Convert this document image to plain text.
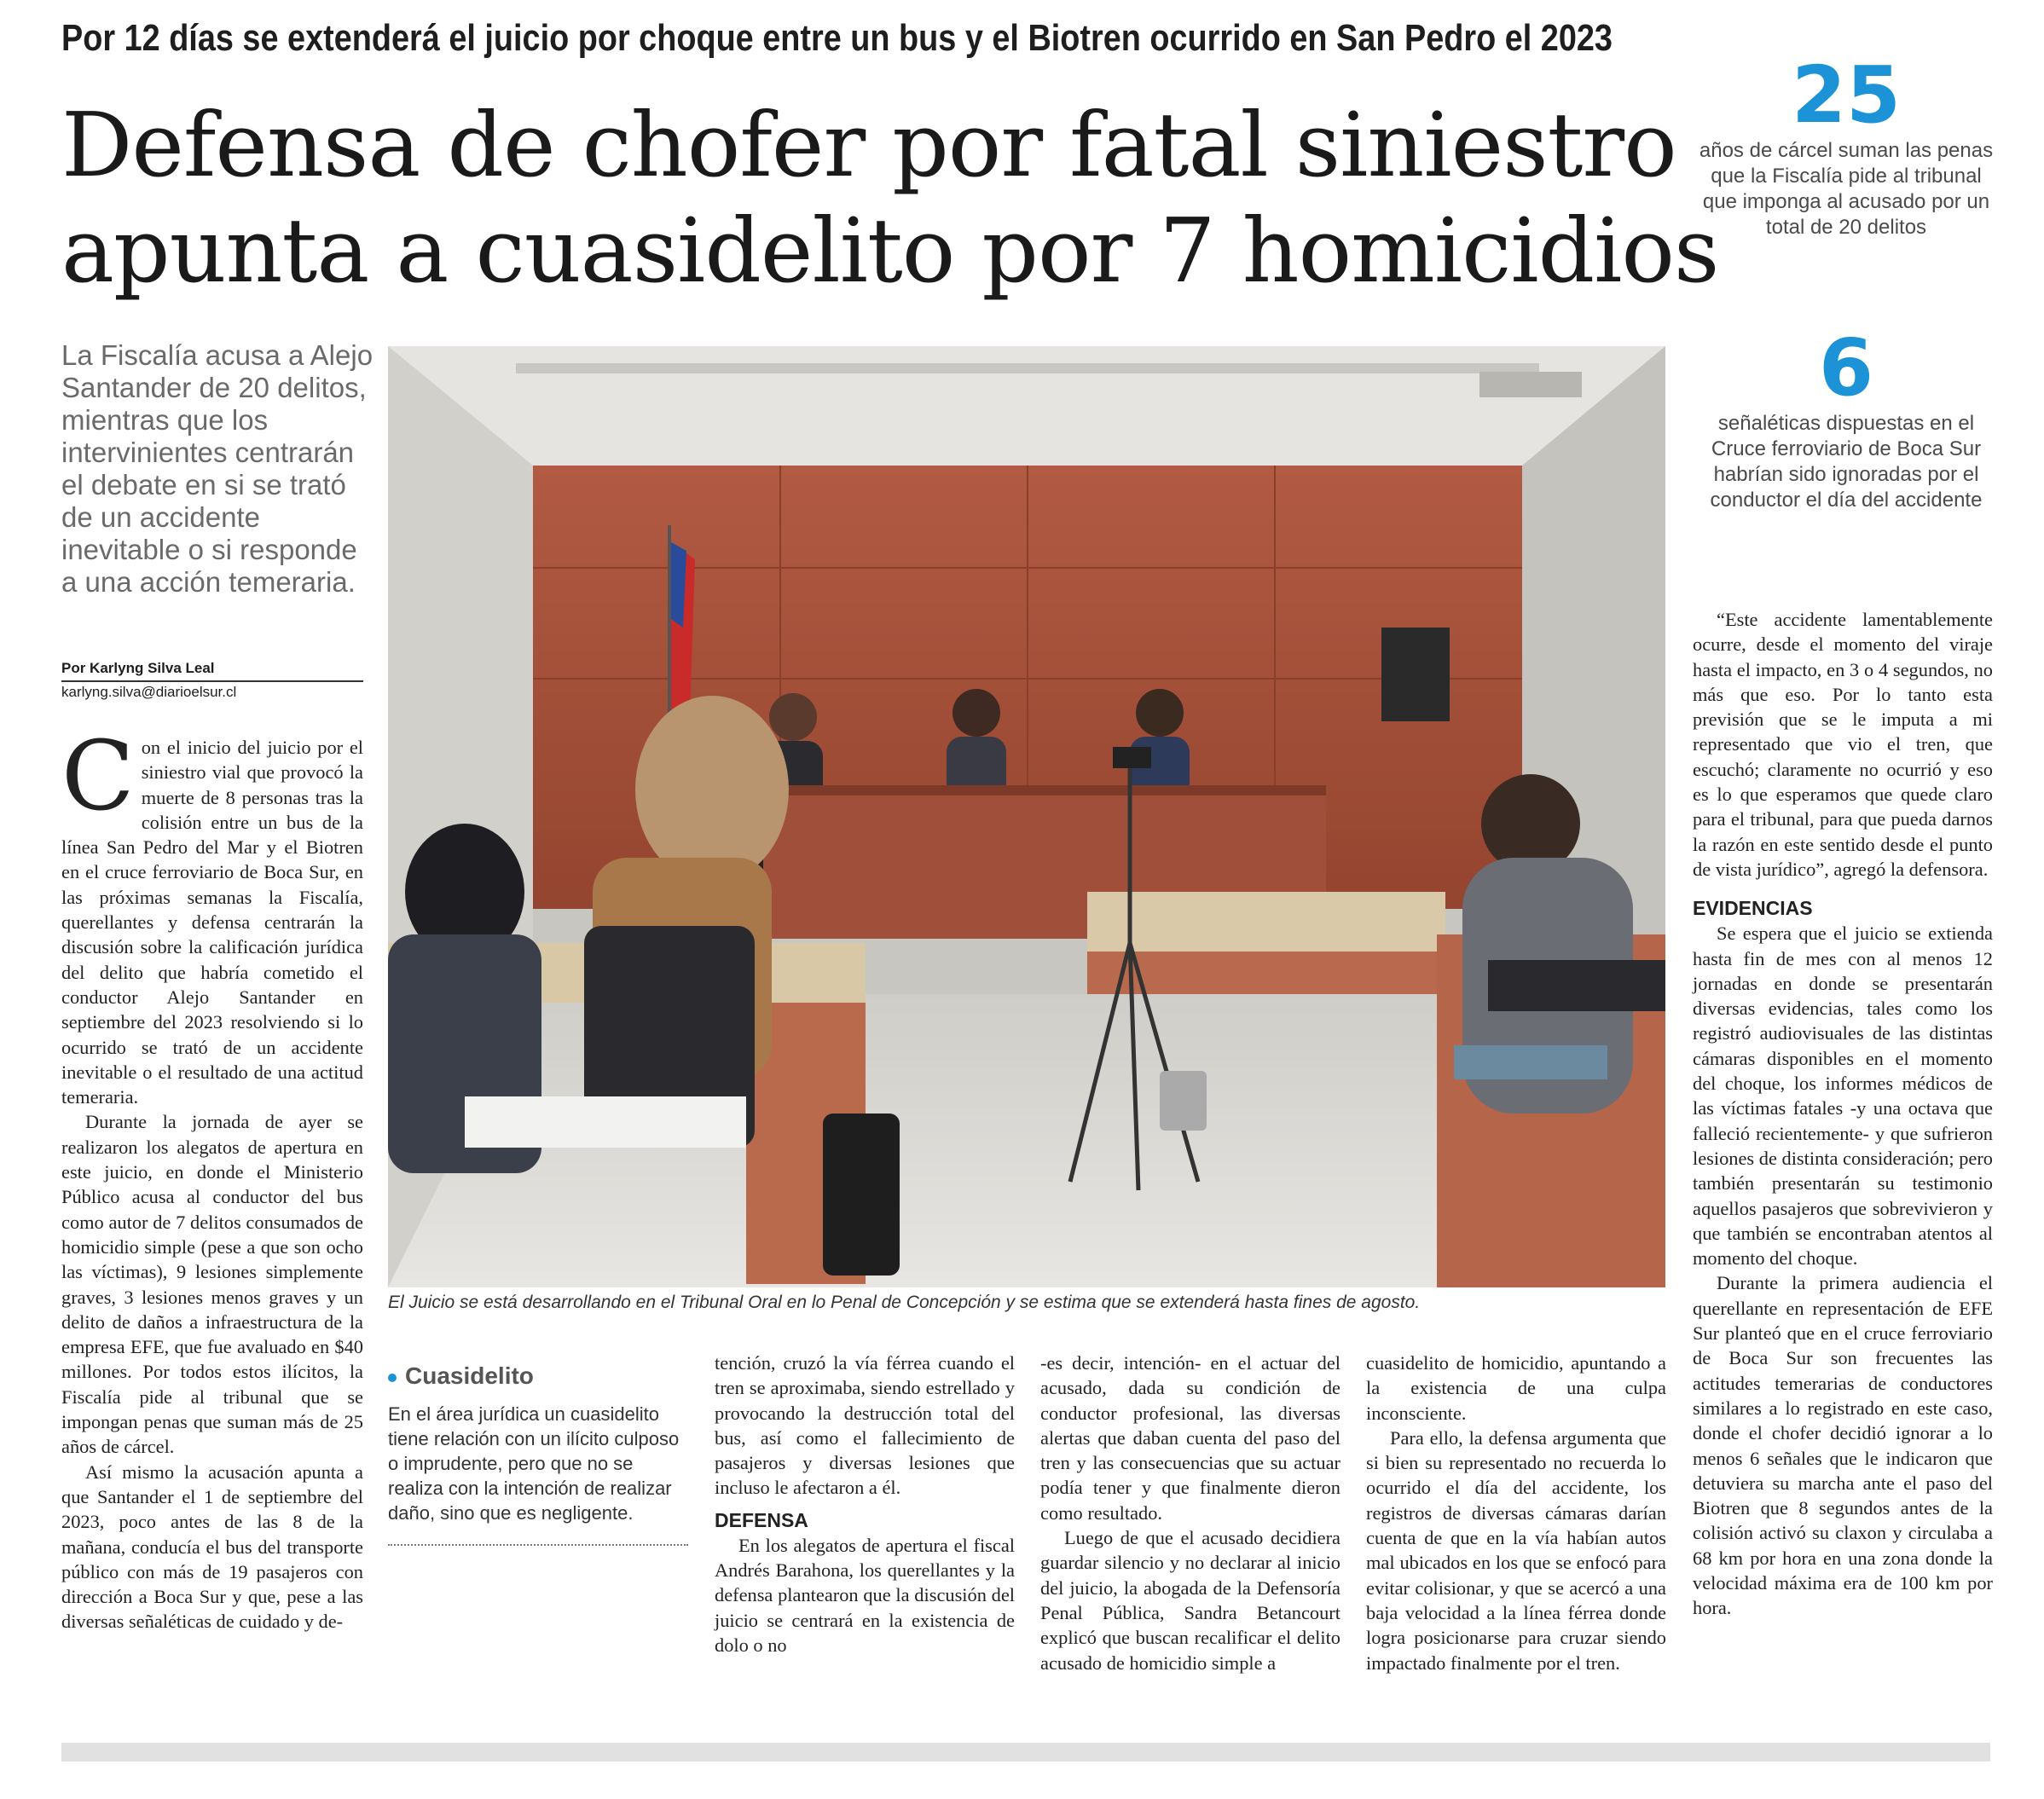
Por 12 días se extenderá el juicio por choque entre un bus y el Biotren ocurrido en San Pedro el 2023
Defensa de chofer por fatal siniestro
apunta a cuasidelito por 7 homicidios
25
años de cárcel suman las penas que la Fiscalía pide al tribunal que imponga al acusado por un total de 20 delitos
6
señaléticas dispuestas en el Cruce ferroviario de Boca Sur habrían sido ignoradas por el conductor el día del accidente
La Fiscalía acusa a Alejo Santander de 20 delitos, mientras que los intervinientes centrarán el debate en si se trató de un accidente inevitable o si responde a una acción temeraria.
Por Karlyng Silva Leal
karlyng.silva@diarioelsur.cl

Con el inicio del juicio por el siniestro vial que provocó la muerte de 8 personas tras la colisión entre un bus de la línea San Pedro del Mar y el Biotren en el cruce ferroviario de Boca Sur, en las próximas semanas la Fiscalía, querellantes y defensa centrarán la discusión sobre la calificación jurídica del delito que habría cometido el conductor Alejo Santander en septiembre del 2023 resolviendo si lo ocurrido se trató de un accidente inevitable o el resultado de una actitud temeraria.

Durante la jornada de ayer se realizaron los alegatos de apertura en este juicio, en donde el Ministerio Público acusa al conductor del bus como autor de 7 delitos consumados de homicidio simple (pese a que son ocho las víctimas), 9 lesiones simplemente graves, 3 lesiones menos graves y un delito de daños a infraestructura de la empresa EFE, que fue avaluado en $40 millones. Por todos estos ilícitos, la Fiscalía pide al tribunal que se impongan penas que suman más de 25 años de cárcel.

Así mismo la acusación apunta a que Santander el 1 de septiembre del 2023, poco antes de las 8 de la mañana, conducía el bus del transporte público con más de 19 pasajeros con dirección a Boca Sur y que, pese a las diversas señaléticas de cuidado y de-

El Juicio se está desarrollando en el Tribunal Oral en lo Penal de Concepción y se estima que se extenderá hasta fines de agosto.
Cuasidelito
En el área jurídica un cuasidelito tiene relación con un ilícito culposo o imprudente, pero que no se realiza con la intención de realizar daño, sino que es negligente.

tención, cruzó la vía férrea cuando el tren se aproximaba, siendo estrellado y provocando la destrucción total del bus, así como el fallecimiento de pasajeros y diversas lesiones que incluso le afectaron a él.

DEFENSA

En los alegatos de apertura el fiscal Andrés Barahona, los querellantes y la defensa plantearon que la discusión del juicio se centrará en la existencia de dolo o no

-es decir, intención- en el actuar del acusado, dada su condición de conductor profesional, las diversas alertas que daban cuenta del paso del tren y las consecuencias que su actuar podía tener y que finalmente dieron como resultado.

Luego de que el acusado decidiera guardar silencio y no declarar al inicio del juicio, la abogada de la Defensoría Penal Pública, Sandra Betancourt explicó que buscan recalificar el delito acusado de homicidio simple a

cuasidelito de homicidio, apuntando a la existencia de una culpa inconsciente.

Para ello, la defensa argumenta que si bien su representado no recuerda lo ocurrido el día del accidente, los registros de diversas cámaras darían cuenta de que en la vía habían autos mal ubicados en los que se enfocó para evitar colisionar, y que se acercó a una baja velocidad a la línea férrea donde logra posicionarse para cruzar siendo impactado finalmente por el tren.

“Este accidente lamentablemente ocurre, desde el momento del viraje hasta el impacto, en 3 o 4 segundos, no más que eso. Por lo tanto esta previsión que se le imputa a mi representado que vio el tren, que escuchó; claramente no ocurrió y eso es lo que esperamos que quede claro para el tribunal, para que pueda darnos la razón en este sentido desde el punto de vista jurídico”, agregó la defensora.

EVIDENCIAS

Se espera que el juicio se extienda hasta fin de mes con al menos 12 jornadas en donde se presentarán diversas evidencias, tales como los registró audiovisuales de las distintas cámaras disponibles en el momento del choque, los informes médicos de las víctimas fatales -y una octava que falleció recientemente- y que sufrieron lesiones de distinta consideración; pero también presentarán su testimonio aquellos pasajeros que sobrevivieron y que también se encontraban atentos al momento del choque.

Durante la primera audiencia el querellante en representación de EFE Sur planteó que en el cruce ferroviario de Boca Sur son frecuentes las actitudes temerarias de conductores similares a lo registrado en este caso, donde el chofer decidió ignorar a lo menos 6 señales que le indicaron que detuviera su marcha ante el paso del Biotren que 8 segundos antes de la colisión activó su claxon y circulaba a 68 km por hora en una zona donde la velocidad máxima era de 100 km por hora.
